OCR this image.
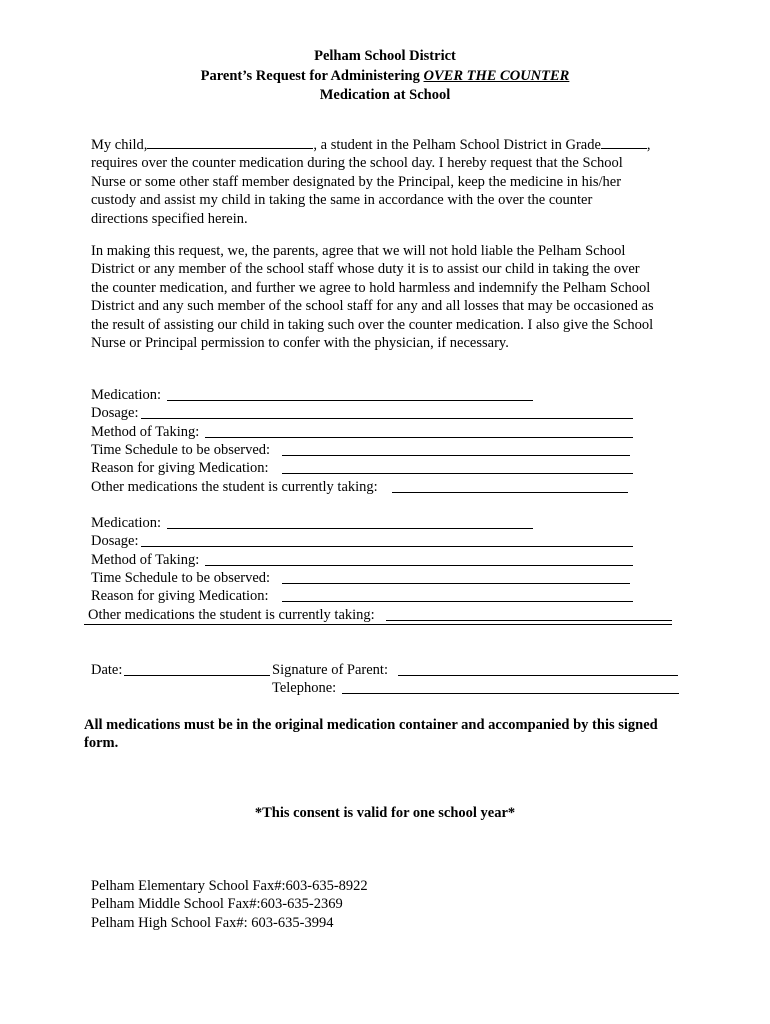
Pelham School District
Parent’s Request for Administering OVER THE COUNTER
Medication at School
My child,	, a student in the Pelham School District in Grade	,
requires over the counter medication during the school day. I hereby request that the School
Nurse or some other staff member designated by the Principal, keep the medicine in his/her
custody and assist my child in taking the same in accordance with the over the counter
directions specified herein.
In making this request, we, the parents, agree that we will not hold liable the Pelham School
District or any member of the school staff whose duty it is to assist our child in taking the over
the counter medication, and further we agree to hold harmless and indemnify the Pelham School
District and any such member of the school staff for any and all losses that may be occasioned as
the result of assisting our child in taking such over the counter medication. I also give the School
Nurse or Principal permission to confer with the physician, if necessary.
Medication:
Dosage:
Method of Taking:
Time Schedule to be observed:
Reason for giving Medication:
Other medications the student is currently taking:
Medication:
Dosage:
Method of Taking:
Time Schedule to be observed:
Reason for giving Medication:
Other medications the student is currently taking:
Date:	Signature of Parent:
Telephone:
All medications must be in the original medication container and accompanied by this signed
form.
*This consent is valid for one school year*
Pelham Elementary School Fax#:603-635-8922
Pelham Middle School Fax#:603-635-2369
Pelham High School Fax#: 603-635-3994
